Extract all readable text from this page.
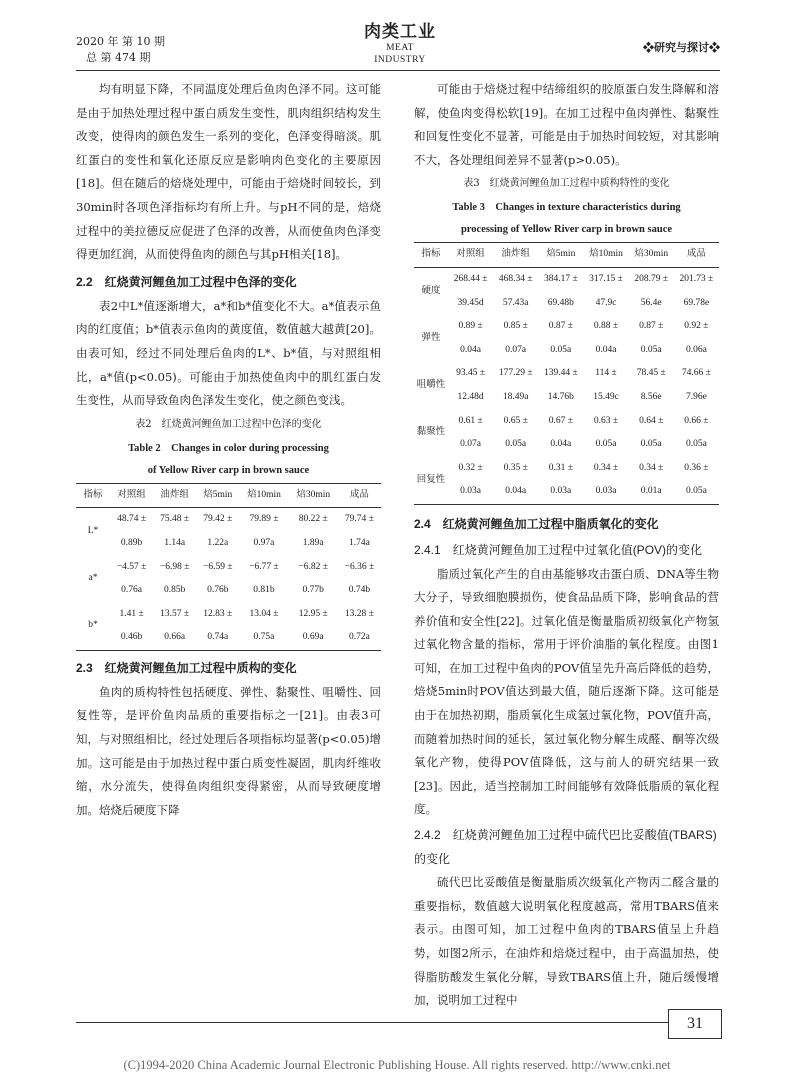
2020 年 第 10 期
总 第 474 期
肉类工业
MEAT INDUSTRY
❖研究与探讨❖

均有明显下降，不同温度处理后鱼肉色泽不同。这可能是由于加热处理过程中蛋白质发生变性，肌肉组织结构发生改变，使得肉的颜色发生一系列的变化，色泽变得暗淡。肌红蛋白的变性和氧化还原反应是影响肉色变化的主要原因[18]。但在随后的焙烧处理中，可能由于焙烧时间较长，到30min时各项色泽指标均有所上升。与pH不同的是，焙烧过程中的美拉德反应促进了色泽的改善，从而使鱼肉色泽变得更加红润，从而使得鱼肉的颜色与其pH相关[18]。

2.2　红烧黄河鲤鱼加工过程中色泽的变化

表2中L*值逐渐增大，a*和b*值变化不大。a*值表示鱼肉的红度值；b*值表示鱼肉的黄度值，数值越大越黄[20]。由表可知，经过不同处理后鱼肉的L*、b*值，与对照组相比，a*值(p<0.05)。可能由于加热使鱼肉中的肌红蛋白发生变性，从而导致鱼肉色泽发生变化，使之颜色变浅。

表2　红烧黄河鲤鱼加工过程中色泽的变化
Table 2　Changes in color during processing
of Yellow River carp in brown sauce
指标	对照组	油炸组	焙5min	焙10min	焙30min	成品
L*	48.74 ±	75.48 ±	79.42 ±	79.89 ±	80.22 ±	79.74 ±
	0.89b	1.14a	1.22a	0.97a	1.89a	1.74a
a*	−4.57 ±	−6.98 ±	−6.59 ±	−6.77 ±	−6.82 ±	−6.36 ±
	0.76a	0.85b	0.76b	0.81b	0.77b	0.74b
b*	1.41 ±	13.57 ±	12.83 ±	13.04 ±	12.95 ±	13.28 ±
	0.46b	0.66a	0.74a	0.75a	0.69a	0.72a
2.3　红烧黄河鲤鱼加工过程中质构的变化

鱼肉的质构特性包括硬度、弹性、黏聚性、咀嚼性、回复性等，是评价鱼肉品质的重要指标之一[21]。由表3可知，与对照组相比，经过处理后各项指标均显著(p<0.05)增加。这可能是由于加热过程中蛋白质变性凝固，肌肉纤维收缩，水分流失，使得鱼肉组织变得紧密，从而导致硬度增加。焙烧后硬度下降

可能由于焙烧过程中结缔组织的胶原蛋白发生降解和溶解，使鱼肉变得松软[19]。在加工过程中鱼肉弹性、黏聚性和回复性变化不显著，可能是由于加热时间较短，对其影响不大，各处理组间差异不显著(p>0.05)。

表3　红烧黄河鲤鱼加工过程中质构特性的变化
Table 3　Changes in texture characteristics during
processing of Yellow River carp in brown sauce
指标	对照组	油炸组	焙5min	焙10min	焙30min	成品
硬度	268.44 ±	468.34 ±	384.17 ±	317.15 ±	208.79 ±	201.73 ±
	39.45d	57.43a	69.48b	47.9c	56.4e	69.78e
弹性	0.89 ±	0.85 ±	0.87 ±	0.88 ±	0.87 ±	0.92 ±
	0.04a	0.07a	0.05a	0.04a	0.05a	0.06a
咀嚼性	93.45 ±	177.29 ±	139.44 ±	114 ±	78.45 ±	74.66 ±
	12.48d	18.49a	14.76b	15.49c	8.56e	7.96e
黏聚性	0.61 ±	0.65 ±	0.67 ±	0.63 ±	0.64 ±	0.66 ±
	0.07a	0.05a	0.04a	0.05a	0.05a	0.05a
回复性	0.32 ±	0.35 ±	0.31 ±	0.34 ±	0.34 ±	0.36 ±
	0.03a	0.04a	0.03a	0.03a	0.01a	0.05a
2.4　红烧黄河鲤鱼加工过程中脂质氧化的变化
2.4.1　红烧黄河鲤鱼加工过程中过氧化值(POV)的变化

脂质过氧化产生的自由基能够攻击蛋白质、DNA等生物大分子，导致细胞膜损伤，使食品品质下降，影响食品的营养价值和安全性[22]。过氧化值是衡量脂质初级氧化产物氢过氧化物含量的指标，常用于评价油脂的氧化程度。由图1可知，在加工过程中鱼肉的POV值呈先升高后降低的趋势，焙烧5min时POV值达到最大值，随后逐渐下降。这可能是由于在加热初期，脂质氧化生成氢过氧化物，POV值升高，而随着加热时间的延长，氢过氧化物分解生成醛、酮等次级氧化产物，使得POV值降低，这与前人的研究结果一致[23]。因此，适当控制加工时间能够有效降低脂质的氧化程度。

2.4.2　红烧黄河鲤鱼加工过程中硫代巴比妥酸值(TBARS)的变化

硫代巴比妥酸值是衡量脂质次级氧化产物丙二醛含量的重要指标，数值越大说明氧化程度越高，常用TBARS值来表示。由图可知，加工过程中鱼肉的TBARS值呈上升趋势，如图2所示，在油炸和焙烧过程中，由于高温加热，使得脂肪酸发生氧化分解，导致TBARS值上升，随后缓慢增加，说明加工过程中

31
(C)1994-2020 China Academic Journal Electronic Publishing House. All rights reserved. http://www.cnki.net
